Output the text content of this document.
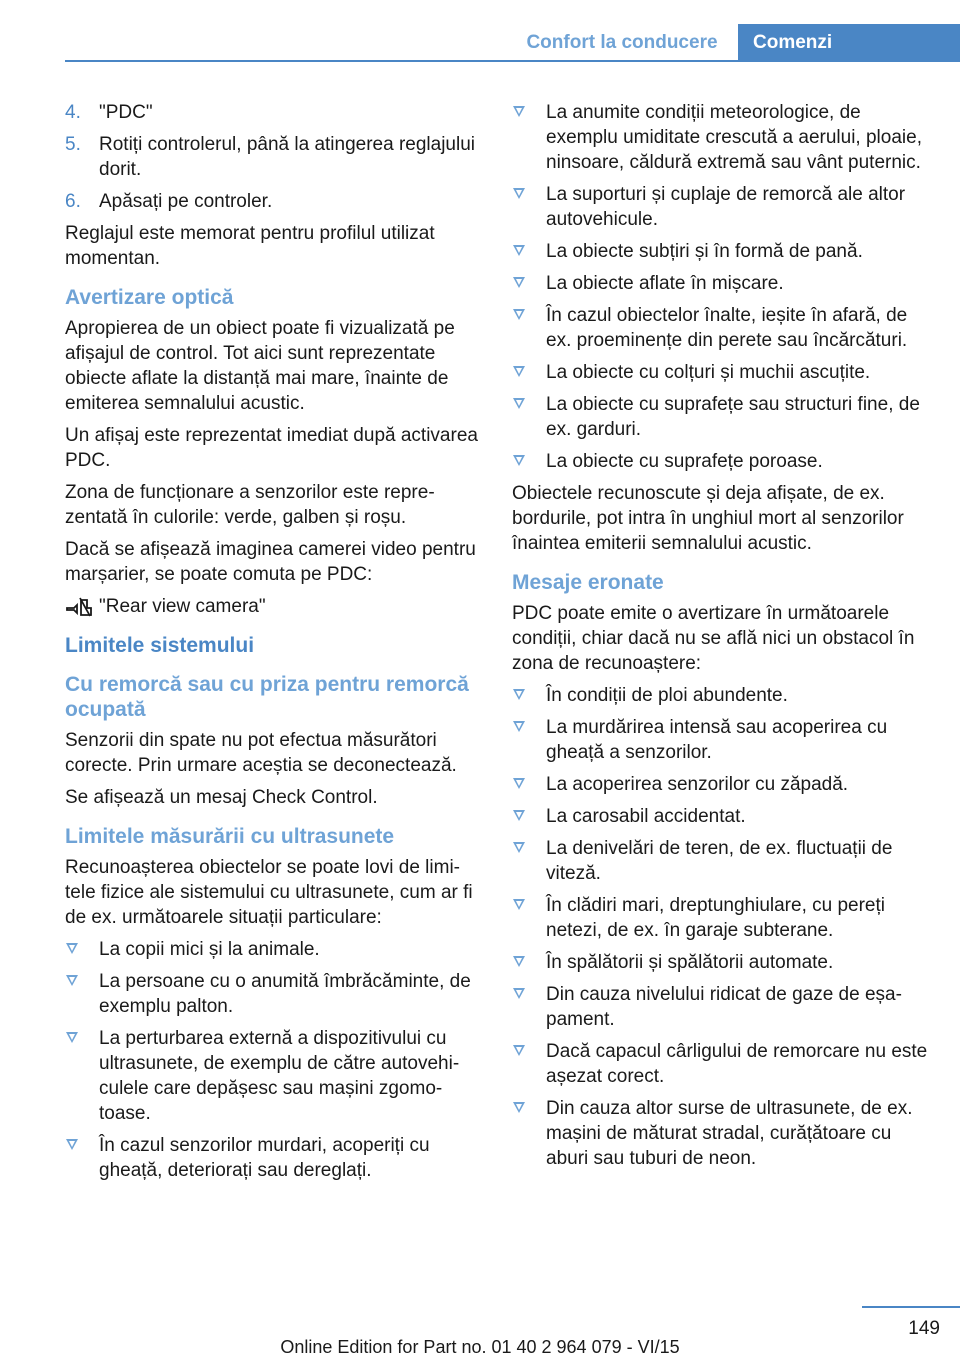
Confort la conducere	Comenzi
4. "PDC"
5. Rotiți controlerul, până la atingerea reglajului dorit.
6. Apăsați pe controler.

Reglajul este memorat pentru profilul utilizat momentan.

Avertizare optică

Apropierea de un obiect poate fi vizualizată pe afișajul de control. Tot aici sunt reprezentate obiecte aflate la distanță mai mare, înainte de emiterea semnalului acustic.

Un afișaj este reprezentat imediat după activarea PDC.

Zona de funcționare a senzorilor este reprezentată în culorile: verde, galben și roșu.

Dacă se afișează imaginea camerei video pentru marșarier, se poate comuta pe PDC:

"Rear view camera"
Limitele sistemului
Cu remorcă sau cu priza pentru remorcă ocupată

Senzorii din spate nu pot efectua măsurători corecte. Prin urmare aceștia se deconectează.

Se afișează un mesaj Check Control.

Limitele măsurării cu ultrasunete

Recunoașterea obiectelor se poate lovi de limitele fizice ale sistemului cu ultrasunete, cum ar fi de ex. următoarele situații particulare:

La copii mici și la animale.
La persoane cu o anumită îmbrăcăminte, de exemplu palton.
La perturbarea externă a dispozitivului cu ultrasunete, de exemplu de către autovehiculele care depășesc sau mașini zgomotoase.
În cazul senzorilor murdari, acoperiți cu gheață, deteriorați sau dereglați.
La anumite condiții meteorologice, de exemplu umiditate crescută a aerului, ploaie, ninsoare, căldură extremă sau vânt puternic.
La suporturi și cuplaje de remorcă ale altor autovehicule.
La obiecte subțiri și în formă de pană.
La obiecte aflate în mișcare.
În cazul obiectelor înalte, ieșite în afară, de ex. proeminențe din perete sau încărcături.
La obiecte cu colțuri și muchii ascuțite.
La obiecte cu suprafețe sau structuri fine, de ex. garduri.
La obiecte cu suprafețe poroase.

Obiectele recunoscute și deja afișate, de ex. bordurile, pot intra în unghiul mort al senzorilor înaintea emiterii semnalului acustic.

Mesaje eronate

PDC poate emite o avertizare în următoarele condiții, chiar dacă nu se află nici un obstacol în zona de recunoaștere:

În condiții de ploi abundente.
La murdărirea intensă sau acoperirea cu gheață a senzorilor.
La acoperirea senzorilor cu zăpadă.
La carosabil accidentat.
La denivelări de teren, de ex. fluctuații de viteză.
În clădiri mari, dreptunghiulare, cu pereți netezi, de ex. în garaje subterane.
În spălătorii și spălătorii automate.
Din cauza nivelului ridicat de gaze de eșapament.
Dacă capacul cârligului de remorcare nu este așezat corect.
Din cauza altor surse de ultrasunete, de ex. mașini de măturat stradal, curățătoare cu aburi sau tuburi de neon.
149
Online Edition for Part no. 01 40 2 964 079 - VI/15
